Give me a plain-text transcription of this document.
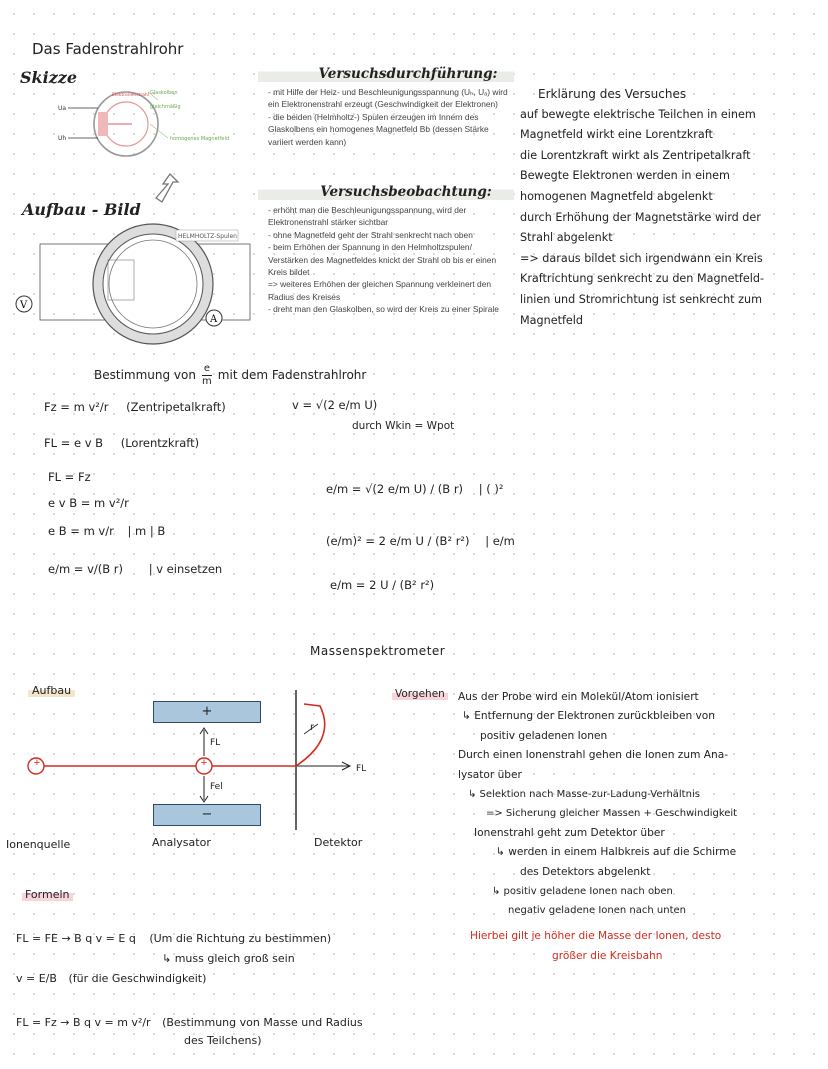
Das Fadenstrahlrohr
Skizze
Ua
Uh
Glaskolben
gleichmäßig
Elektronenstrahl
homogenes Magnetfeld
Aufbau - Bild
V
A
HELMHOLTZ-Spulen
Versuchsdurchführung:
- mit Hilfe der Heiz- und Beschleunigungsspannung (Uₕ, Uₐ) wird ein Elektronenstrahl erzeugt (Geschwindigkeit der Elektronen)
- die beiden (Helmholtz-) Spulen erzeugen im Innern des Glaskolbens ein homogenes Magnetfeld Bb (dessen Stärke variiert werden kann)
Versuchsbeobachtung:
- erhöht man die Beschleunigungsspannung, wird der Elektronenstrahl stärker sichtbar
- ohne Magnetfeld geht der Strahl senkrecht nach oben
- beim Erhöhen der Spannung in den Helmholtzspulen/ Verstärken des Magnetfeldes knickt der Strahl ob bis er einen Kreis bildet
=> weiteres Erhöhen der gleichen Spannung verkleinert den Radius des Kreises
- dreht man den Glaskolben, so wird der Kreis zu einer Spirale
Erklärung des Versuches
auf bewegte elektrische Teilchen in einem
Magnetfeld wirkt eine Lorentzkraft
die Lorentzkraft wirkt als Zentripetalkraft
Bewegte Elektronen werden in einem
homogenen Magnetfeld abgelenkt
durch Erhöhung der Magnetstärke wird der
Strahl abgelenkt
=> daraus bildet sich irgendwann ein Kreis
Kraftrichtung senkrecht zu den Magnetfeld-
linien und Stromrichtung ist senkrecht zum
Magnetfeld
Bestimmung von $\frac{e}{m}$ mit dem Fadenstrahlrohr
Fz = m v²/r (Zentripetalkraft)
FL = e v B (Lorentzkraft)
FL = Fz
e v B = m v²/r
e B = m v/r | m | B
e/m = v/(B r) | v einsetzen
v = √(2 e/m U)
durch Wkin = Wpot
e/m = √(2 e/m U) / (B r) | ( )²
(e/m)² = 2 e/m U / (B² r²) | e/m
e/m = 2 U / (B² r²)
Massenspektrometer
Aufbau
+
−
+	+
FL
Fel
r
FL
Ionenquelle	Analysator	Detektor
Vorgehen Aus der Probe wird ein Molekül/Atom ionisiert
↳ Entfernung der Elektronen zurückbleiben von
positiv geladenen Ionen
Durch einen Ionenstrahl gehen die Ionen zum Ana-
lysator über
↳ Selektion nach Masse-zur-Ladung-Verhältnis
=> Sicherung gleicher Massen + Geschwindigkeit
Ionenstrahl geht zum Detektor über
↳ werden in einem Halbkreis auf die Schirme
des Detektors abgelenkt
↳ positiv geladene Ionen nach oben
negativ geladene Ionen nach unten
Hierbei gilt je höher die Masse der Ionen, desto
größer die Kreisbahn
Formeln
FL = FE → B q v = E q (Um die Richtung zu bestimmen)
↳ muss gleich groß sein
v = E/B (für die Geschwindigkeit)
FL = Fz → B q v = m v²/r (Bestimmung von Masse und Radius
des Teilchens)
